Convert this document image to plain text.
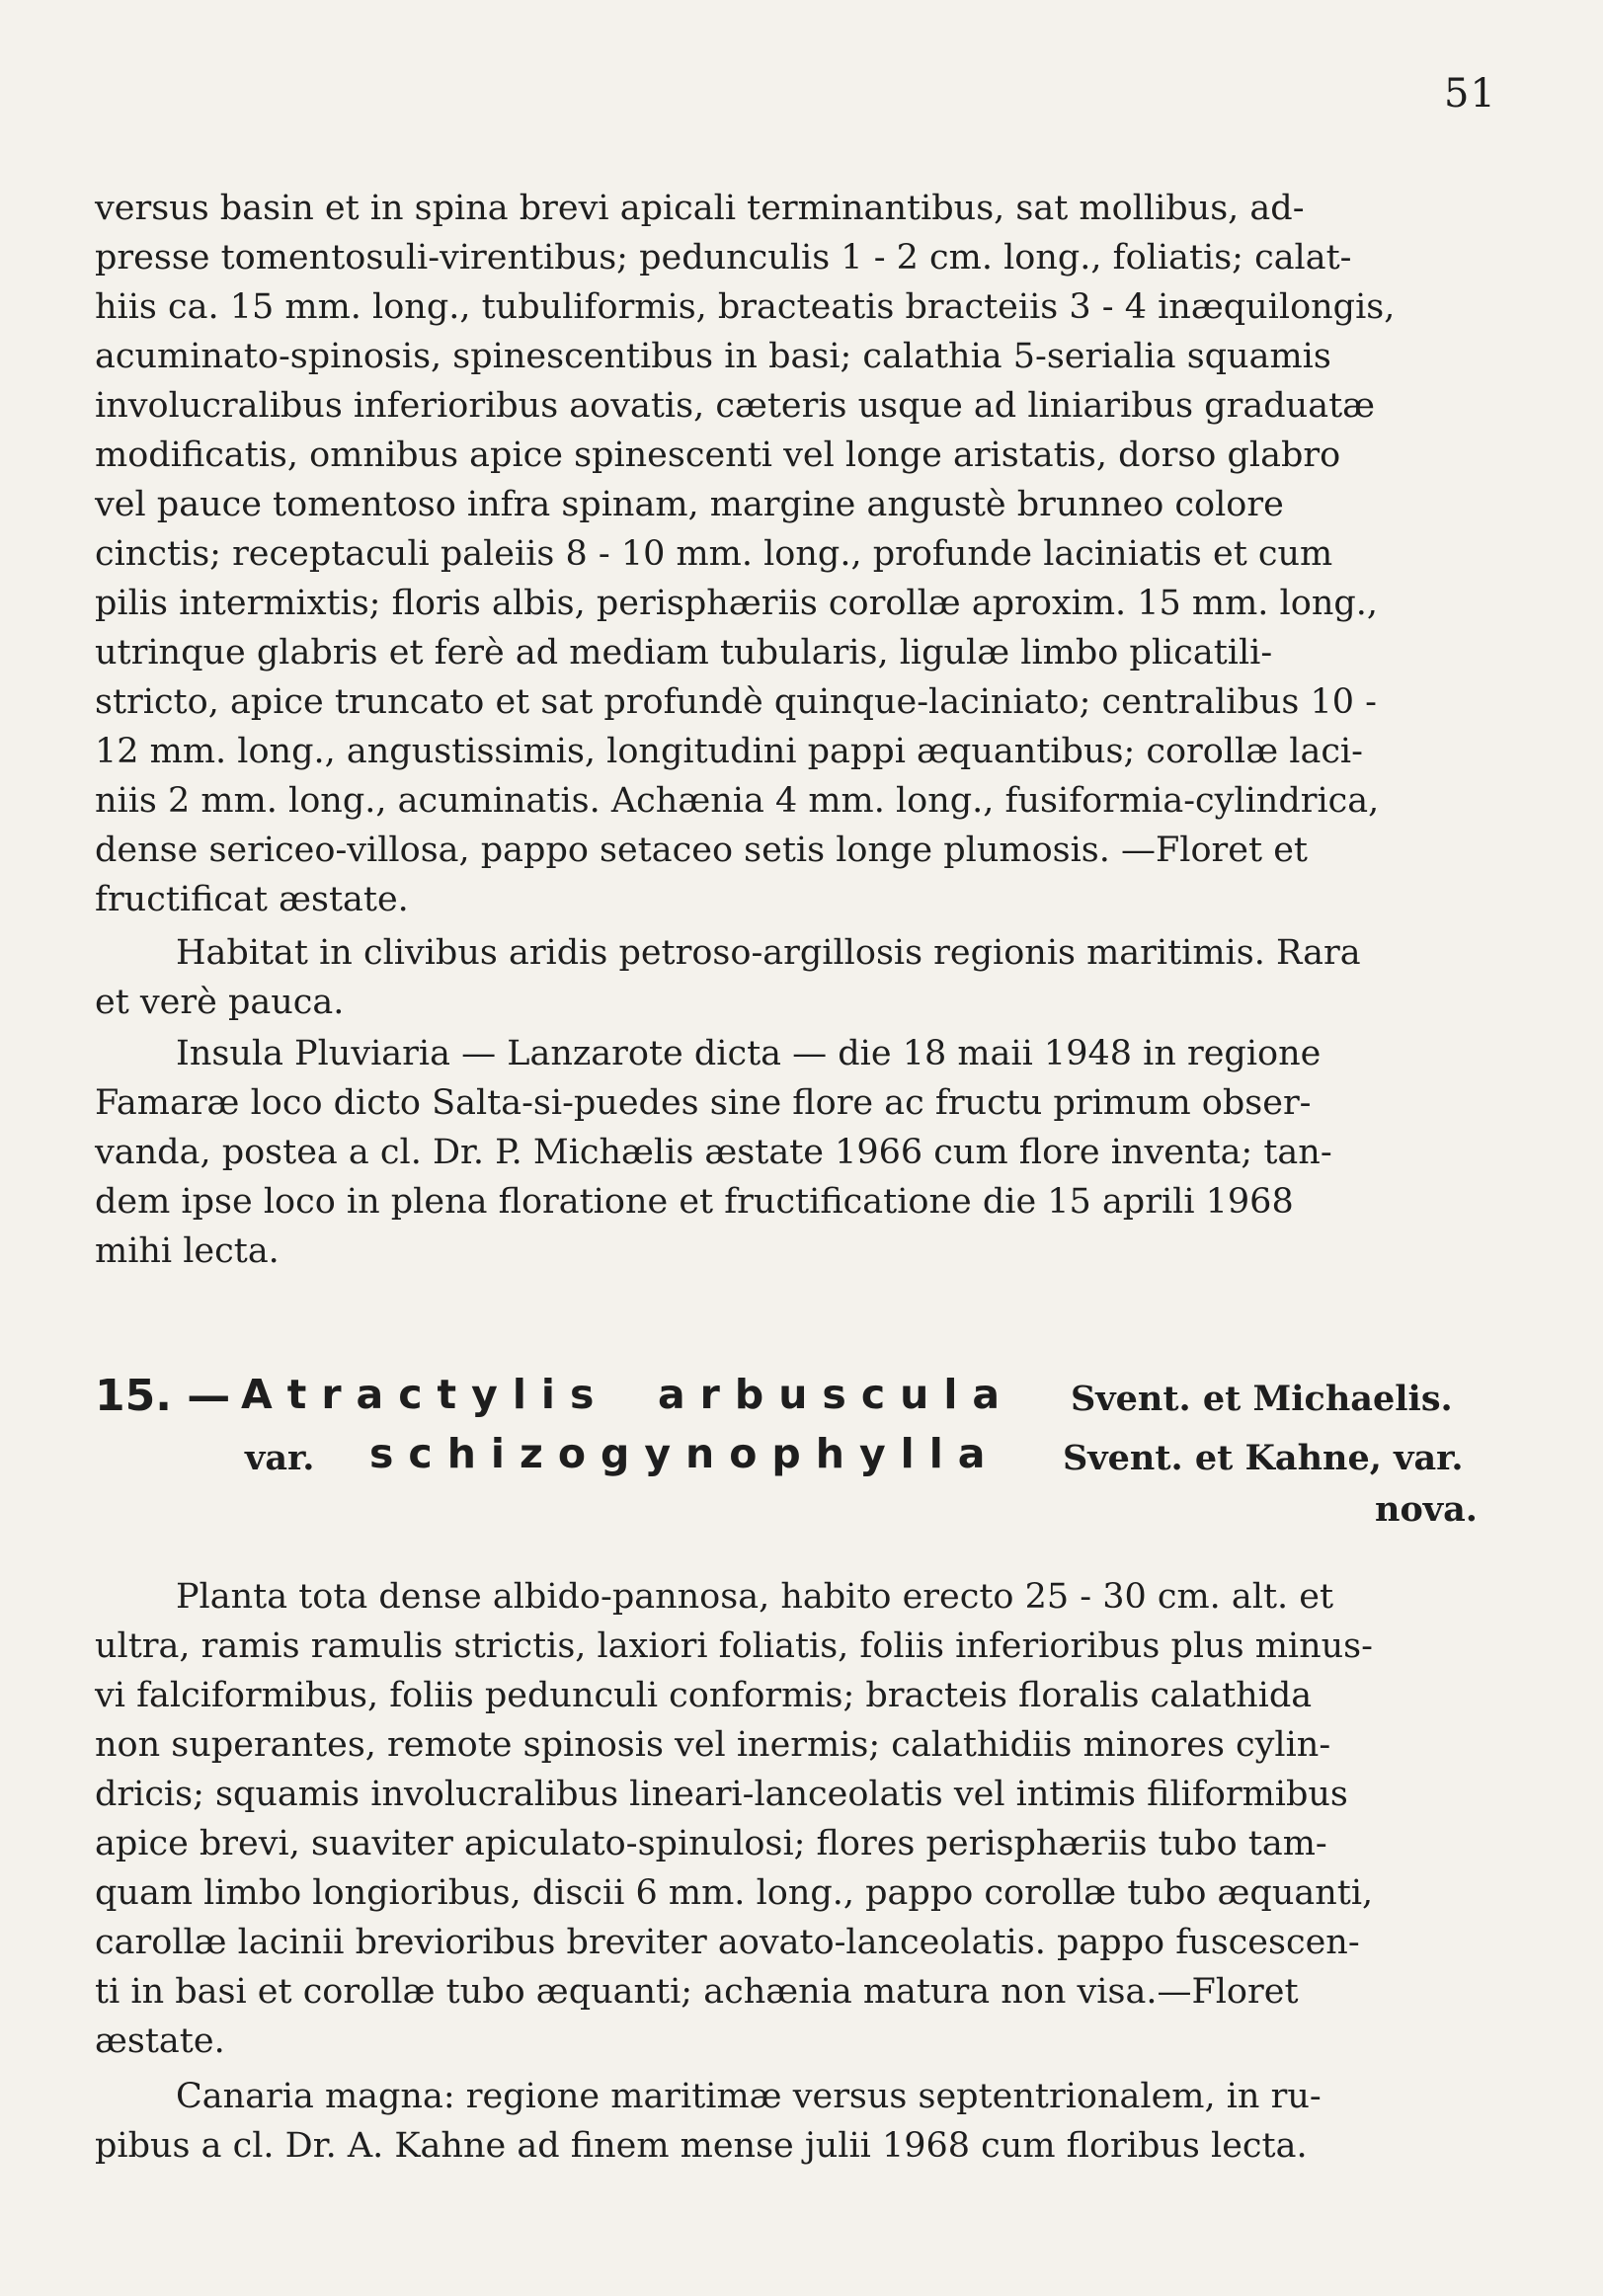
51

versus basin et in spina brevi apicali terminantibus, sat mollibus, ad-

presse tomentosuli-virentibus; pedunculis 1 - 2 cm. long., foliatis; calat-

hiis ca. 15 mm. long., tubuliformis, bracteatis bracteiis 3 - 4 inæquilongis,

acuminato-spinosis, spinescentibus in basi; calathia 5-serialia squamis

involucralibus inferioribus aovatis, cæteris usque ad liniaribus graduatæ

modificatis, omnibus apice spinescenti vel longe aristatis, dorso glabro

vel pauce tomentoso infra spinam, margine angustè brunneo colore

cinctis; receptaculi paleiis 8 - 10 mm. long., profunde laciniatis et cum

pilis intermixtis; floris albis, perisphæriis corollæ aproxim. 15 mm. long.,

utrinque glabris et ferè ad mediam tubularis, ligulæ limbo plicatili-

stricto, apice truncato et sat profundè quinque-laciniato; centralibus 10 -

12 mm. long., angustissimis, longitudini pappi æquantibus; corollæ laci-

niis 2 mm. long., acuminatis. Achænia 4 mm. long., fusiformia-cylindrica,

dense sericeo-villosa, pappo setaceo setis longe plumosis. —Floret et

fructificat æstate.

Habitat in clivibus aridis petroso-argillosis regionis maritimis. Rara

et verè pauca.

Insula Pluviaria — Lanzarote dicta — die 18 maii 1948 in regione

Famaræ loco dicto Salta-si-puedes sine flore ac fructu primum obser-

vanda, postea a cl. Dr. P. Michælis æstate 1966 cum flore inventa; tan-

dem ipse loco in plena floratione et fructificatione die 15 aprili 1968

mihi lecta.

15. — Atractylis arbuscula Svent. et Michaelis.
var. schizogynophylla Svent. et Kahne, var.
nova.

Planta tota dense albido-pannosa, habito erecto 25 - 30 cm. alt. et

ultra, ramis ramulis strictis, laxiori foliatis, foliis inferioribus plus minus-

vi falciformibus, foliis pedunculi conformis; bracteis floralis calathida

non superantes, remote spinosis vel inermis; calathidiis minores cylin-

dricis; squamis involucralibus lineari-lanceolatis vel intimis filiformibus

apice brevi, suaviter apiculato-spinulosi; flores perisphæriis tubo tam-

quam limbo longioribus, discii 6 mm. long., pappo corollæ tubo æquanti,

carollæ lacinii brevioribus breviter aovato-lanceolatis. pappo fuscescen-

ti in basi et corollæ tubo æquanti; achænia matura non visa.—Floret

æstate.

Canaria magna: regione maritimæ versus septentrionalem, in ru-

pibus a cl. Dr. A. Kahne ad finem mense julii 1968 cum floribus lecta.
